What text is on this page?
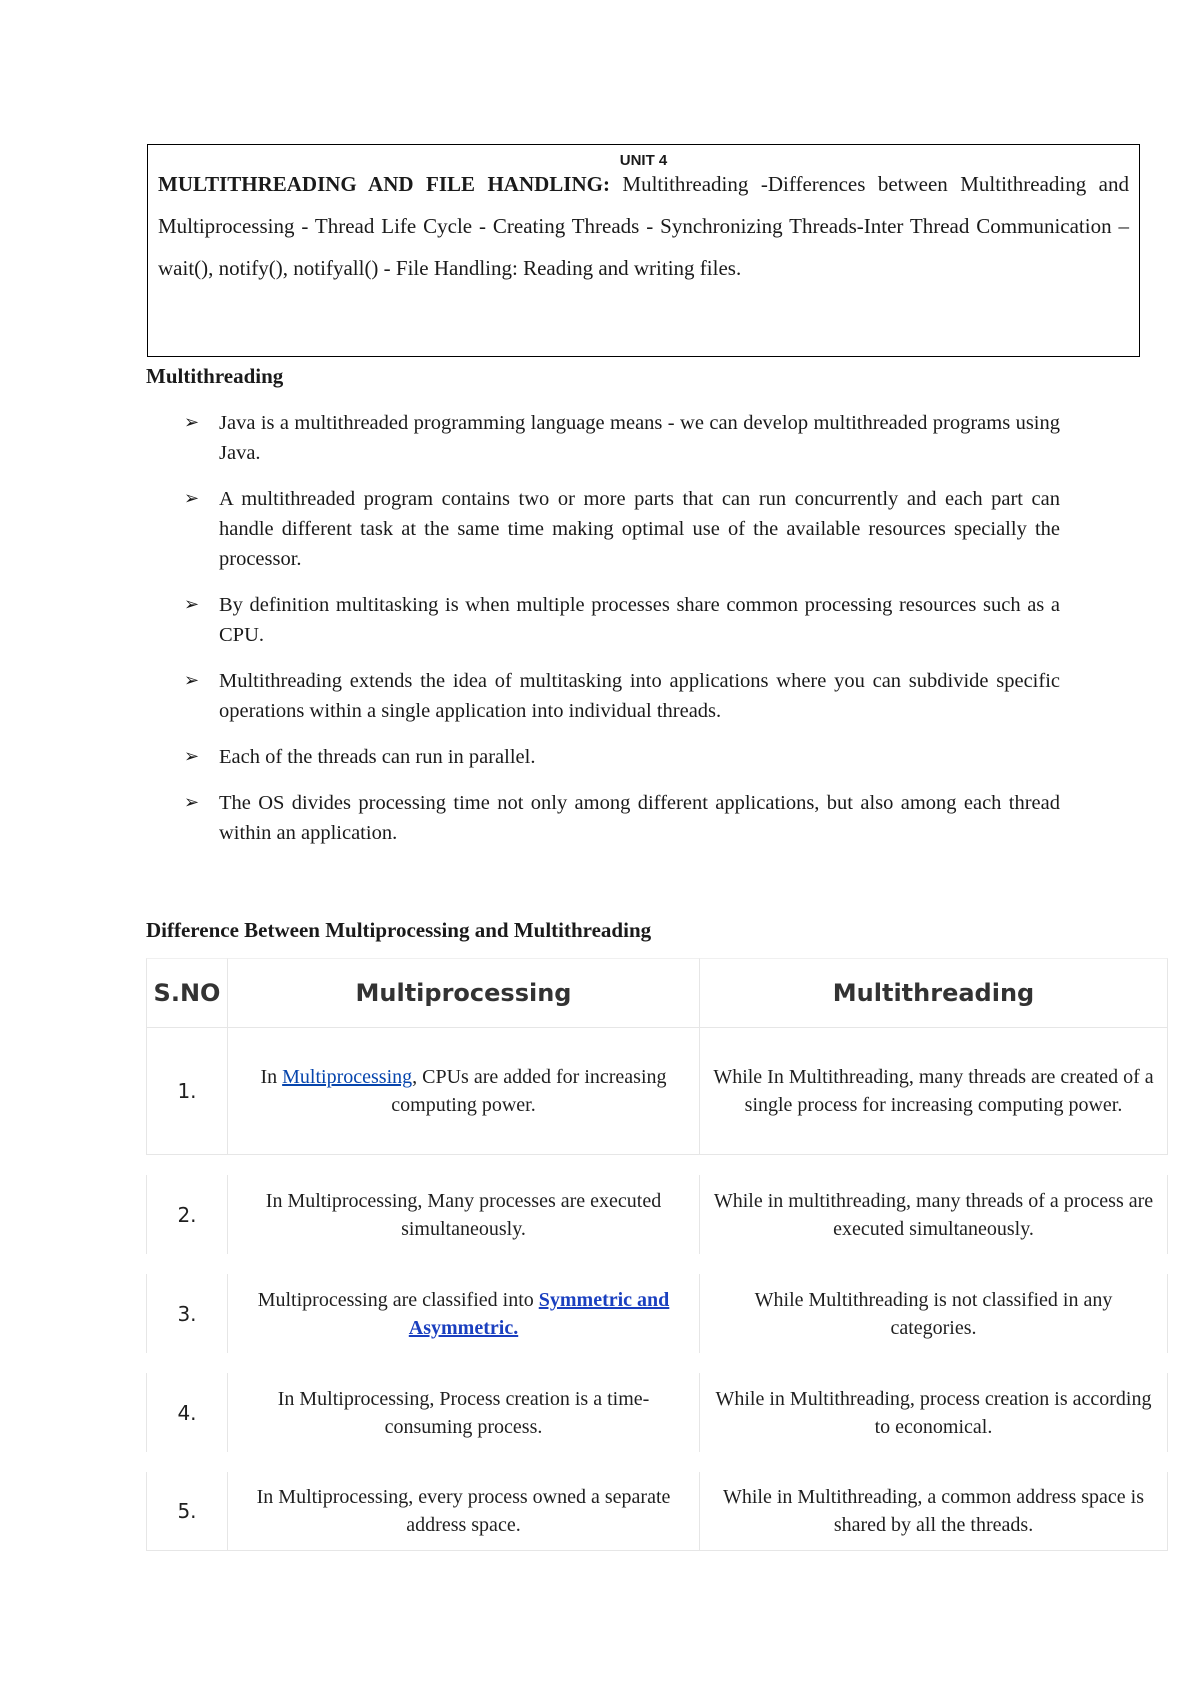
UNIT 4
MULTITHREADING AND FILE HANDLING: Multithreading -Differences between Multithreading and Multiprocessing - Thread Life Cycle - Creating Threads - Synchronizing Threads-Inter Thread Communication – wait(), notify(), notifyall() - File Handling: Reading and writing files.
Multithreading
➢ Java is a multithreaded programming language means - we can develop multithreaded programs using Java.
➢ A multithreaded program contains two or more parts that can run concurrently and each part can handle different task at the same time making optimal use of the available resources specially the processor.
➢ By definition multitasking is when multiple processes share common processing resources such as a CPU.
➢ Multithreading extends the idea of multitasking into applications where you can subdivide specific operations within a single application into individual threads.
➢ Each of the threads can run in parallel.
➢ The OS divides processing time not only among different applications, but also among each thread within an application.
Difference Between Multiprocessing and Multithreading
S.NO	Multiprocessing	Multithreading
1.
In Multiprocessing, CPUs are added for increasing computing power.
While In Multithreading, many threads are created of a single process for increasing computing power.
2.
In Multiprocessing, Many processes are executed simultaneously.
While in multithreading, many threads of a process are executed simultaneously.
3.
Multiprocessing are classified into Symmetric and Asymmetric.
While Multithreading is not classified in any categories.
4.
In Multiprocessing, Process creation is a time-consuming process.
While in Multithreading, process creation is according to economical.
5.
In Multiprocessing, every process owned a separate address space.
While in Multithreading, a common address space is shared by all the threads.
